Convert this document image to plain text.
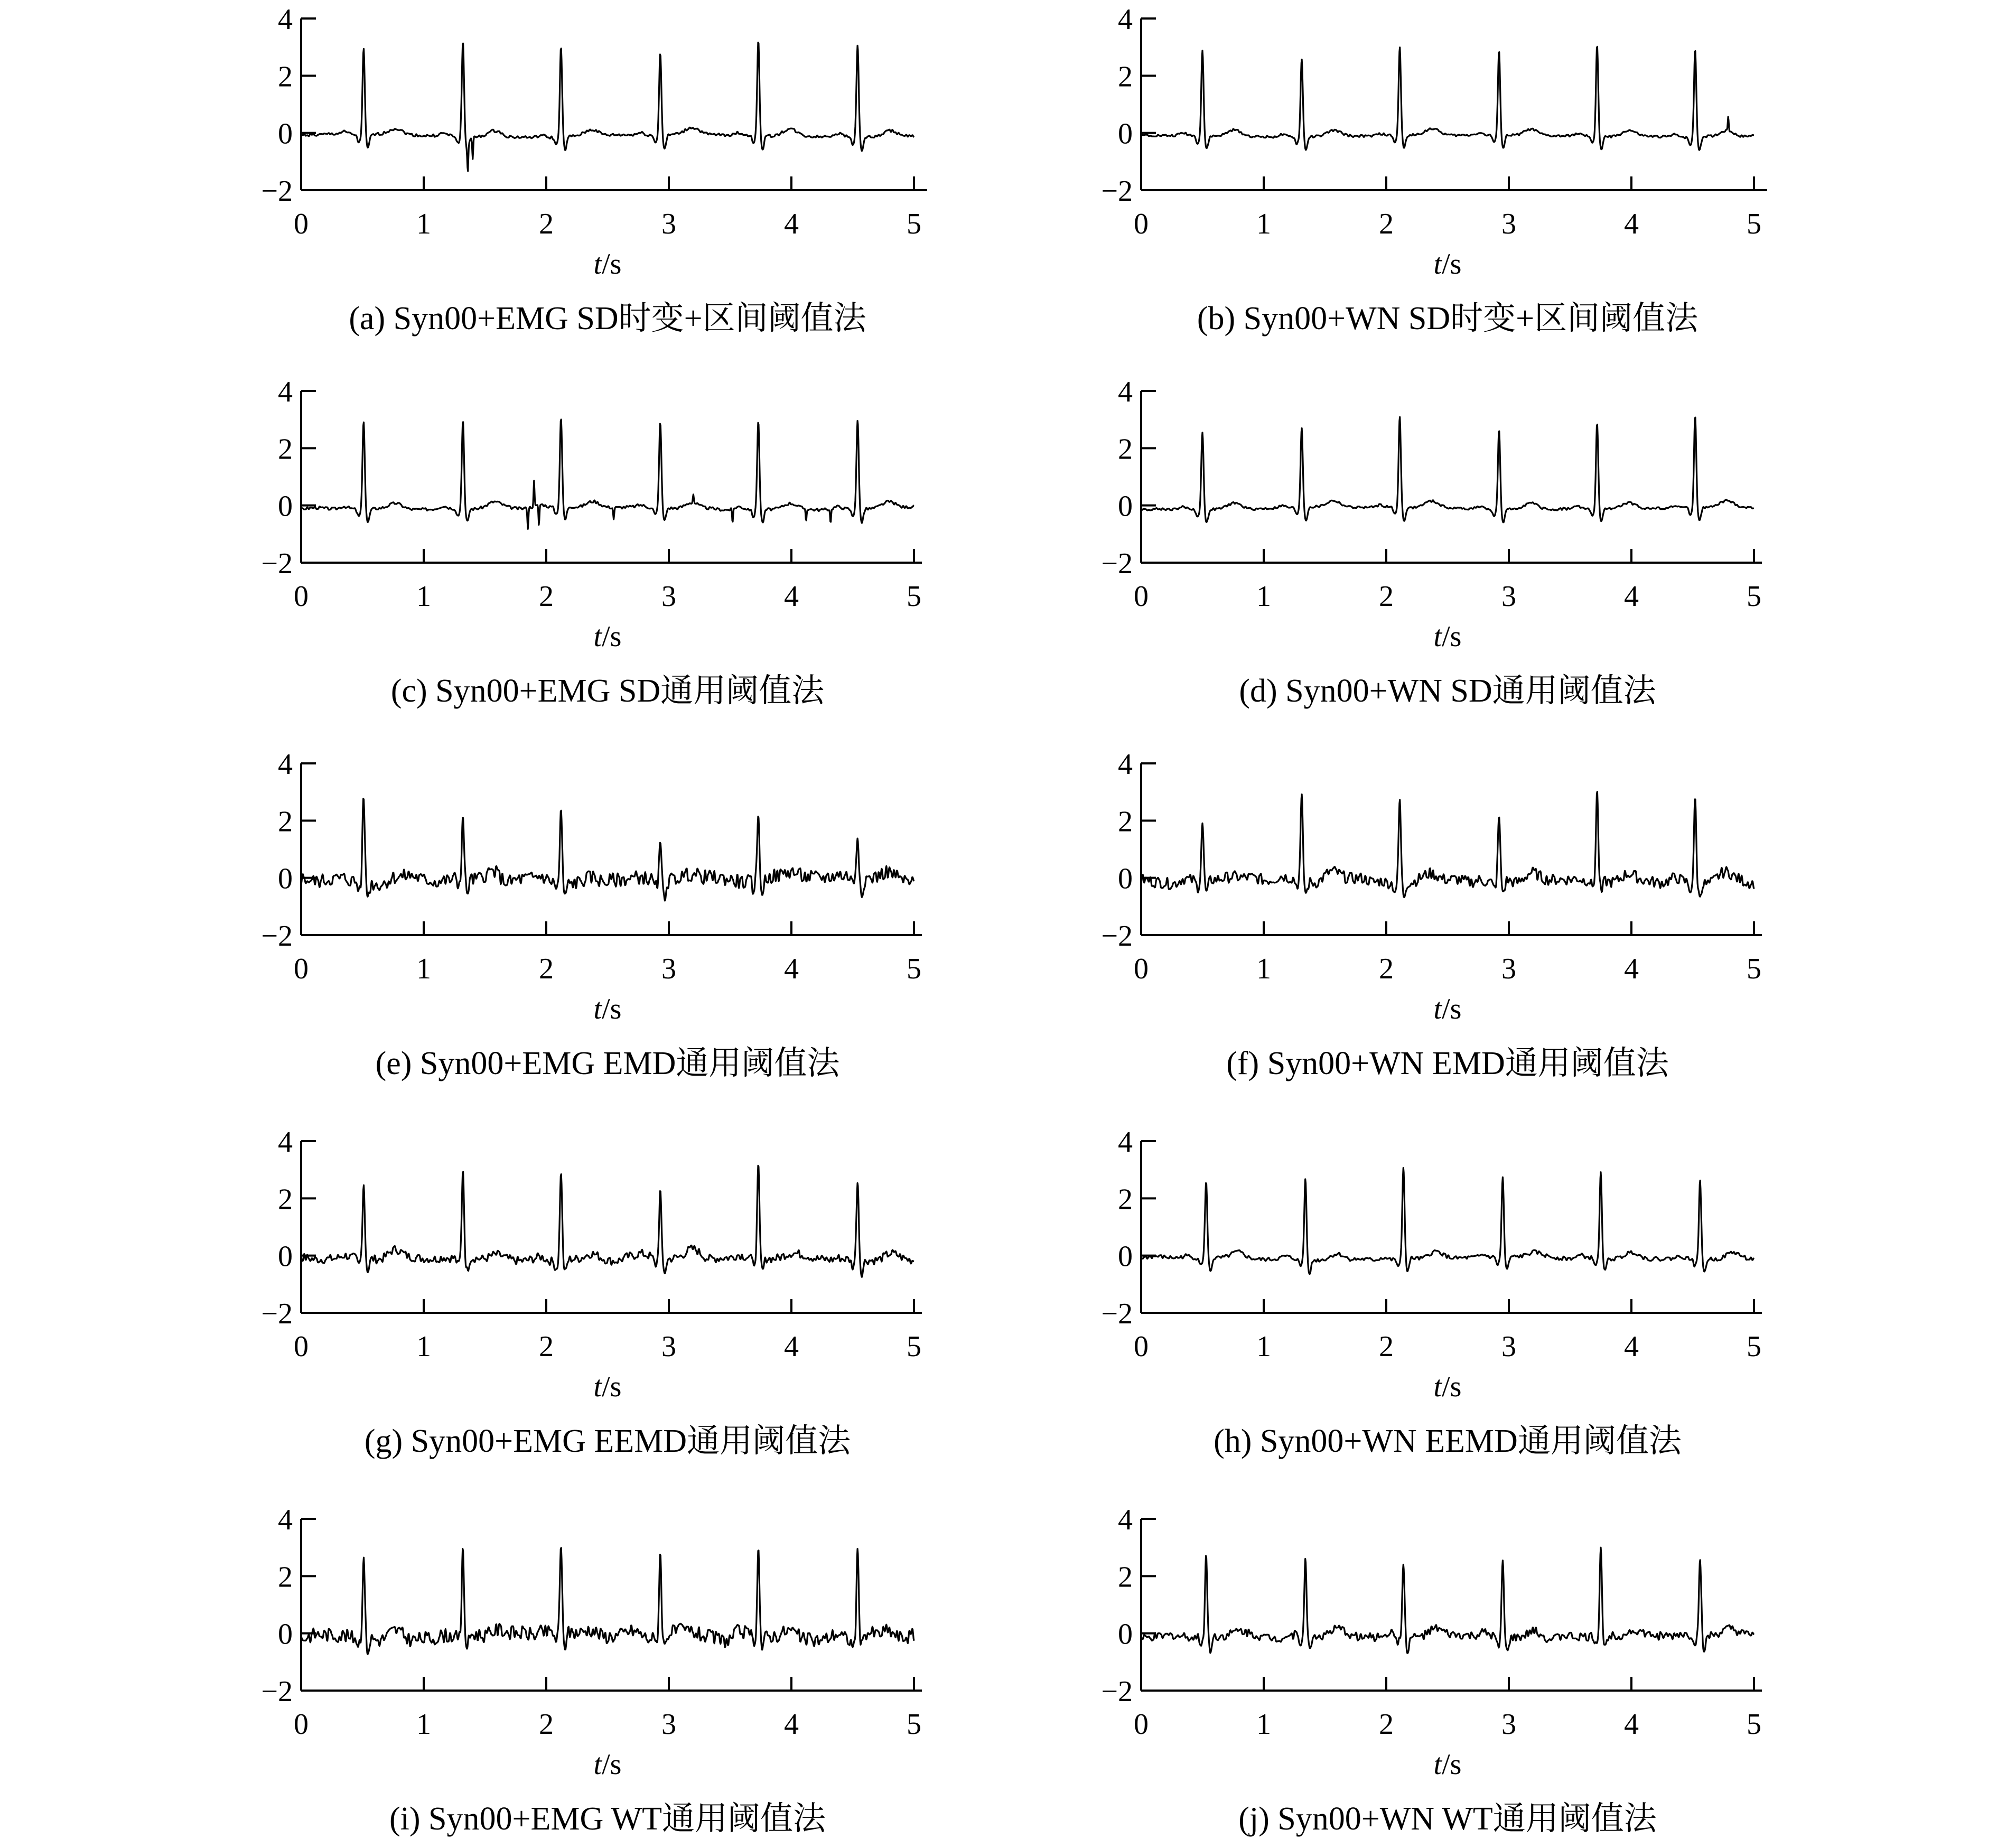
−2
0
2
4
0	1	2	3	4	5
t/s
(a) Syn00+EMG SD时变+区间阈值法
−2
0
2
4
0	1	2	3	4	5
t/s
(b) Syn00+WN SD时变+区间阈值法
−2
0
2
4
0	1	2	3	4	5
t/s
(c) Syn00+EMG SD通用阈值法
−2
0
2
4
0	1	2	3	4	5
t/s
(d) Syn00+WN SD通用阈值法
−2
0
2
4
0	1	2	3	4	5
t/s
(e) Syn00+EMG EMD通用阈值法
−2
0
2
4
0	1	2	3	4	5
t/s
(f) Syn00+WN EMD通用阈值法
−2
0
2
4
0	1	2	3	4	5
t/s
(g) Syn00+EMG EEMD通用阈值法
−2
0
2
4
0	1	2	3	4	5
t/s
(h) Syn00+WN EEMD通用阈值法
−2
0
2
4
0	1	2	3	4	5
t/s
(i) Syn00+EMG WT通用阈值法
−2
0
2
4
0	1	2	3	4	5
t/s
(j) Syn00+WN WT通用阈值法
